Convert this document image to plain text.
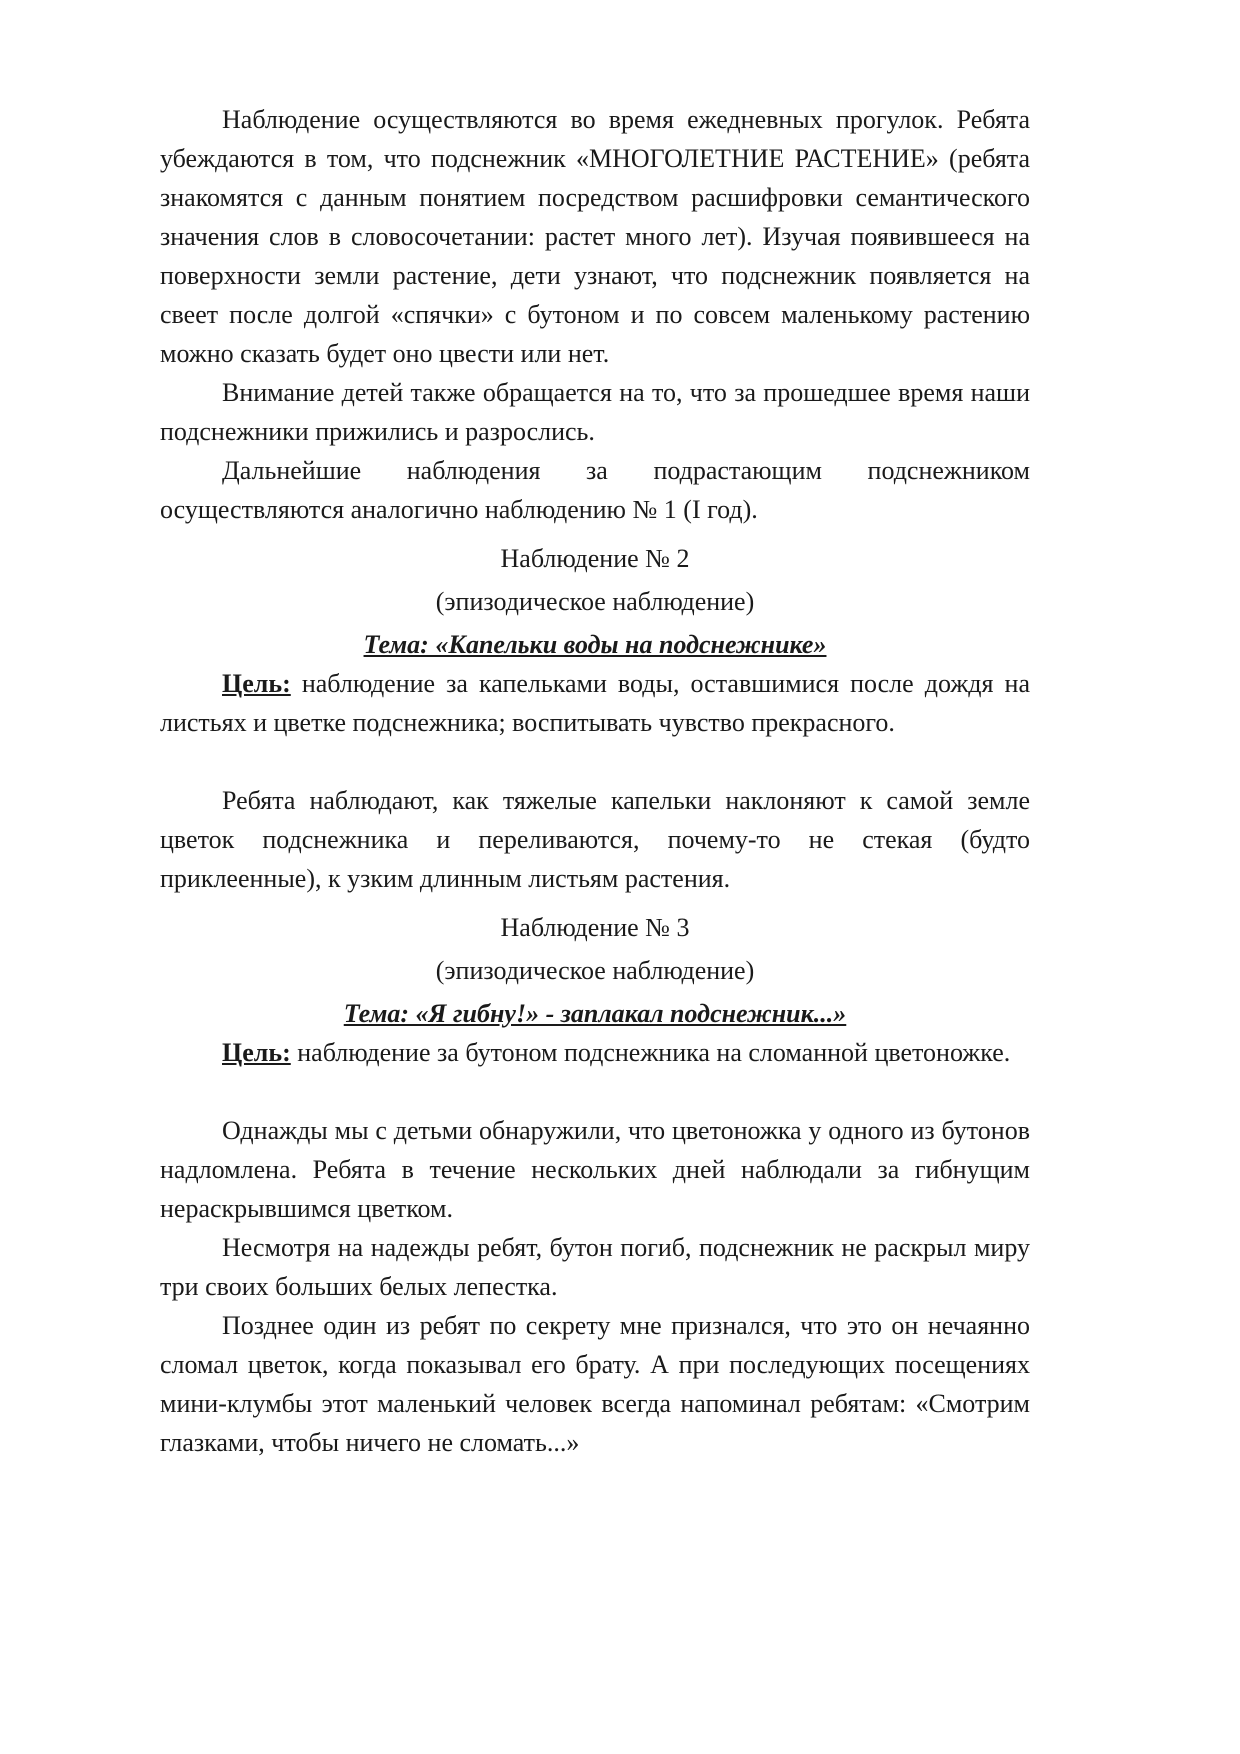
Наблюдение осуществляются во время ежедневных прогулок. Ребята убеждаются в том, что подснежник «МНОГОЛЕТНИЕ РАСТЕНИЕ» (ребята знакомятся с данным понятием посредством расшифровки семантического значения слов в словосочетании: растет много лет). Изучая появившееся на поверхности земли растение, дети узнают, что подснежник появляется на свеет после долгой «спячки» с бутоном и по совсем маленькому растению можно сказать будет оно цвести или нет.

Внимание детей также обращается на то, что за прошедшее время наши подснежники прижились и разрослись.

Дальнейшие наблюдения за подрастающим подснежником осуществляются аналогично наблюдению № 1 (I год).

Наблюдение № 2

(эпизодическое наблюдение)

Тема: «Капельки воды на подснежнике»

Цель: наблюдение за капельками воды, оставшимися после дождя на листьях и цветке подснежника; воспитывать чувство прекрасного.

Ребята наблюдают, как тяжелые капельки наклоняют к самой земле цветок подснежника и переливаются, почему-то не стекая (будто приклеенные), к узким длинным листьям растения.

Наблюдение № 3

(эпизодическое наблюдение)

Тема: «Я гибну!» - заплакал подснежник...»

Цель: наблюдение за бутоном подснежника на сломанной цветоножке.

Однажды мы с детьми обнаружили, что цветоножка у одного из бутонов надломлена. Ребята в течение нескольких дней наблюдали за гибнущим нераскрывшимся цветком.

Несмотря на надежды ребят, бутон погиб, подснежник не раскрыл миру три своих больших белых лепестка.

Позднее один из ребят по секрету мне признался, что это он нечаянно сломал цветок, когда показывал его брату. А при последующих посещениях мини-клумбы этот маленький человек всегда напоминал ребятам: «Смотрим глазками, чтобы ничего не сломать...»
